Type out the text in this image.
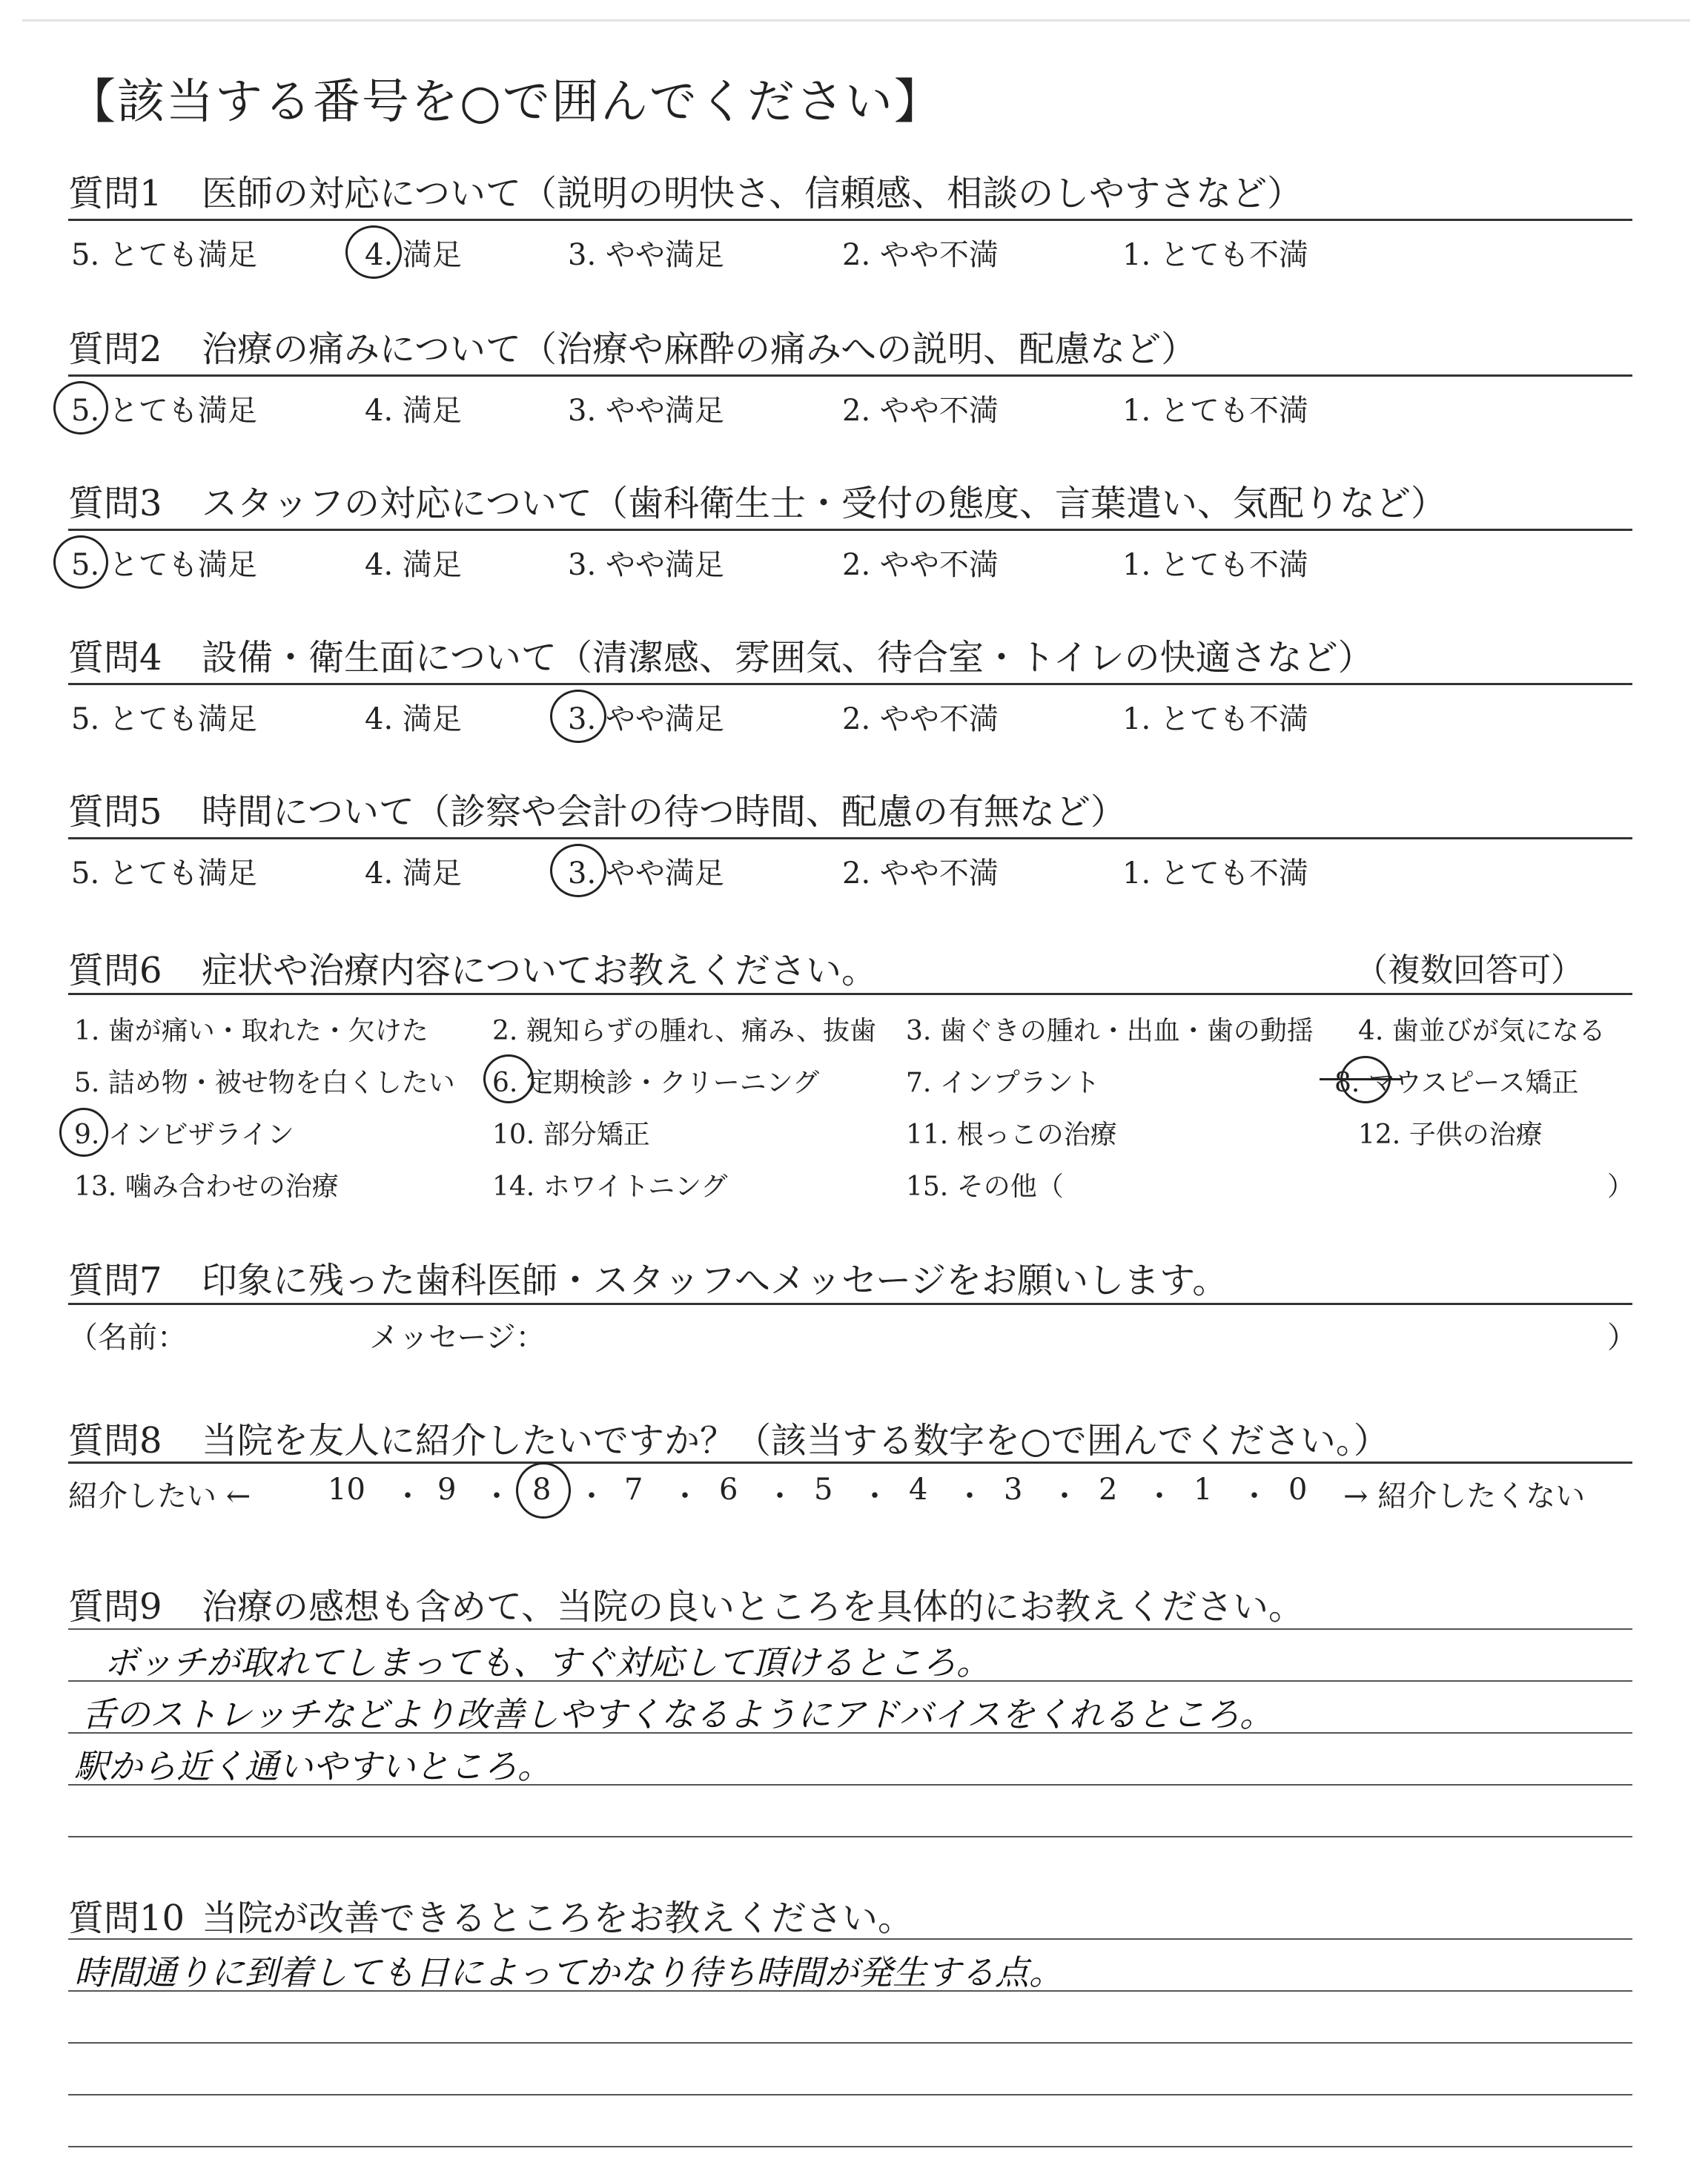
【該当する番号を○で囲んでください】
質問1 医師の対応について（説明の明快さ、信頼感、相談のしやすさなど）
5. とても満足	4. 満足	3. やや満足	2. やや不満	1. とても不満
質問2 治療の痛みについて（治療や麻酔の痛みへの説明、配慮など）
5. とても満足	4. 満足	3. やや満足	2. やや不満	1. とても不満
質問3 スタッフの対応について（歯科衛生士・受付の態度、言葉遣い、気配りなど）
5. とても満足	4. 満足	3. やや満足	2. やや不満	1. とても不満
質問4 設備・衛生面について（清潔感、雰囲気、待合室・トイレの快適さなど）
5. とても満足	4. 満足	3. やや満足	2. やや不満	1. とても不満
質問5 時間について（診察や会計の待つ時間、配慮の有無など）
5. とても満足	4. 満足	3. やや満足	2. やや不満	1. とても不満
質問6 症状や治療内容についてお教えください。	（複数回答可）
1. 歯が痛い・取れた・欠けた 2. 親知らずの腫れ、痛み、抜歯 3. 歯ぐきの腫れ・出血・歯の動揺 4. 歯並びが気になる
5. 詰め物・被せ物を白くしたい 6. 定期検診・クリーニング	7. インプラント	8. マウスピース矯正
9. インビザライン	10. 部分矯正	11. 根っこの治療	12. 子供の治療
13. 噛み合わせの治療	14. ホワイトニング	15. その他（	）
質問7 印象に残った歯科医師・スタッフへメッセージをお願いします。
（名前：	メッセージ：	）
質問8 当院を友人に紹介したいですか？（該当する数字を○で囲んでください。）
紹介したい ←	10 ・ 9 ・ 8 ・ 7 ・ 6 ・ 5 ・ 4 ・ 3 ・ 2 ・ 1 ・ 0 → 紹介したくない
質問9 治療の感想も含めて、当院の良いところを具体的にお教えください。
ボッチが取れてしまっても、すぐ対応して頂けるところ。
舌のストレッチなどより改善しやすくなるようにアドバイスをくれるところ。
駅から近く通いやすいところ。
質問10 当院が改善できるところをお教えください。
時間通りに到着しても日によってかなり待ち時間が発生する点。
